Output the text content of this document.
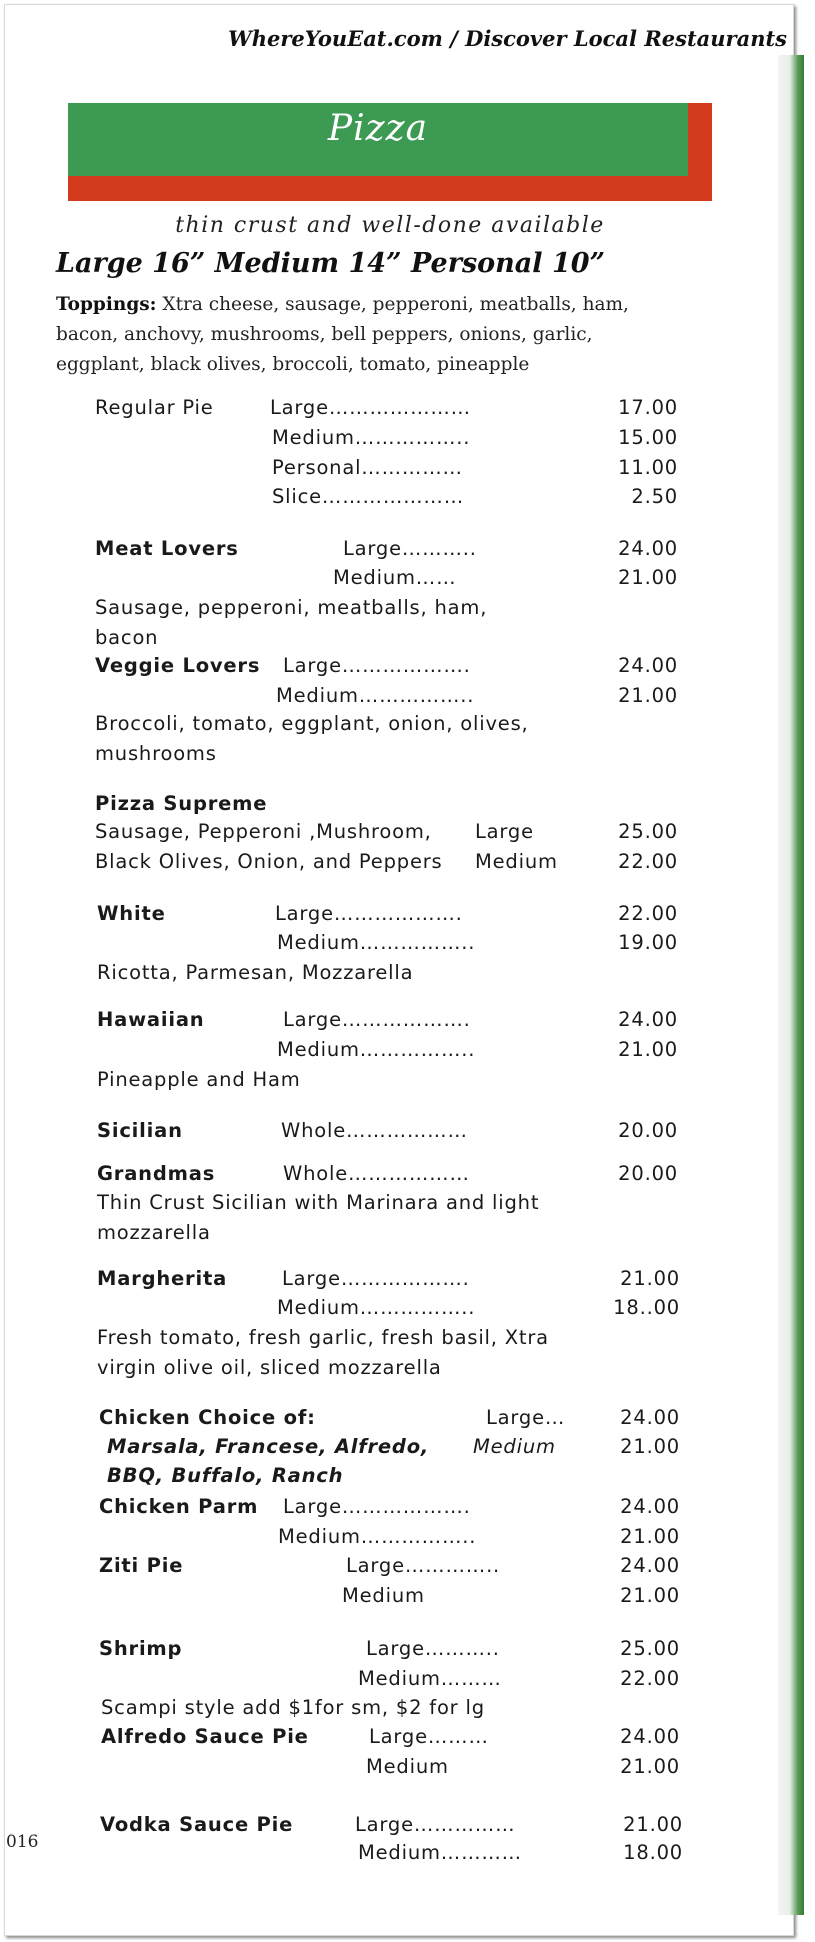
WhereYouEat.com / Discover Local Restaurants
Pizza
thin crust and well-done available
Large 16” Medium 14” Personal 10”
Toppings: Xtra cheese, sausage, pepperoni, meatballs, ham,
bacon, anchovy, mushrooms, bell peppers, onions, garlic,
eggplant, black olives, broccoli, tomato, pineapple
Regular Pie	Large…………………	17.00
Medium……………..	15.00
Personal……………	11.00
Slice…………………	2.50
Meat Lovers	Large………..	24.00
Medium……	21.00
Sausage, pepperoni, meatballs, ham,
bacon
Veggie Lovers Large……………….	24.00
Medium……………..	21.00
Broccoli, tomato, eggplant, onion, olives,
mushrooms
Pizza Supreme
Sausage, Pepperoni ,Mushroom, Large	25.00
Black Olives, Onion, and Peppers Medium	22.00
White	Large……………….	22.00
Medium……………..	19.00
Ricotta, Parmesan, Mozzarella
Hawaiian	Large……………….	24.00
Medium……………..	21.00
Pineapple and Ham
Sicilian	Whole………………	20.00
Grandmas	Whole………………	20.00
Thin Crust Sicilian with Marinara and light
mozzarella
Margherita	Large……………….	21.00
Medium……………..	18..00
Fresh tomato, fresh garlic, fresh basil, Xtra
virgin olive oil, sliced mozzarella
Chicken Choice of:	Large…	24.00
Marsala, Francese, Alfredo, Medium	21.00
BBQ, Buffalo, Ranch
Chicken Parm Large……………….	24.00
Medium……………..	21.00
Ziti Pie	Large…………..	24.00
Medium	21.00
Shrimp	Large………..	25.00
Medium………	22.00
Scampi style add $1for sm, $2 for lg
Alfredo Sauce Pie	Large………	24.00
Medium	21.00
Vodka Sauce Pie	Large……………	21.00
Medium…………	18.00
016
